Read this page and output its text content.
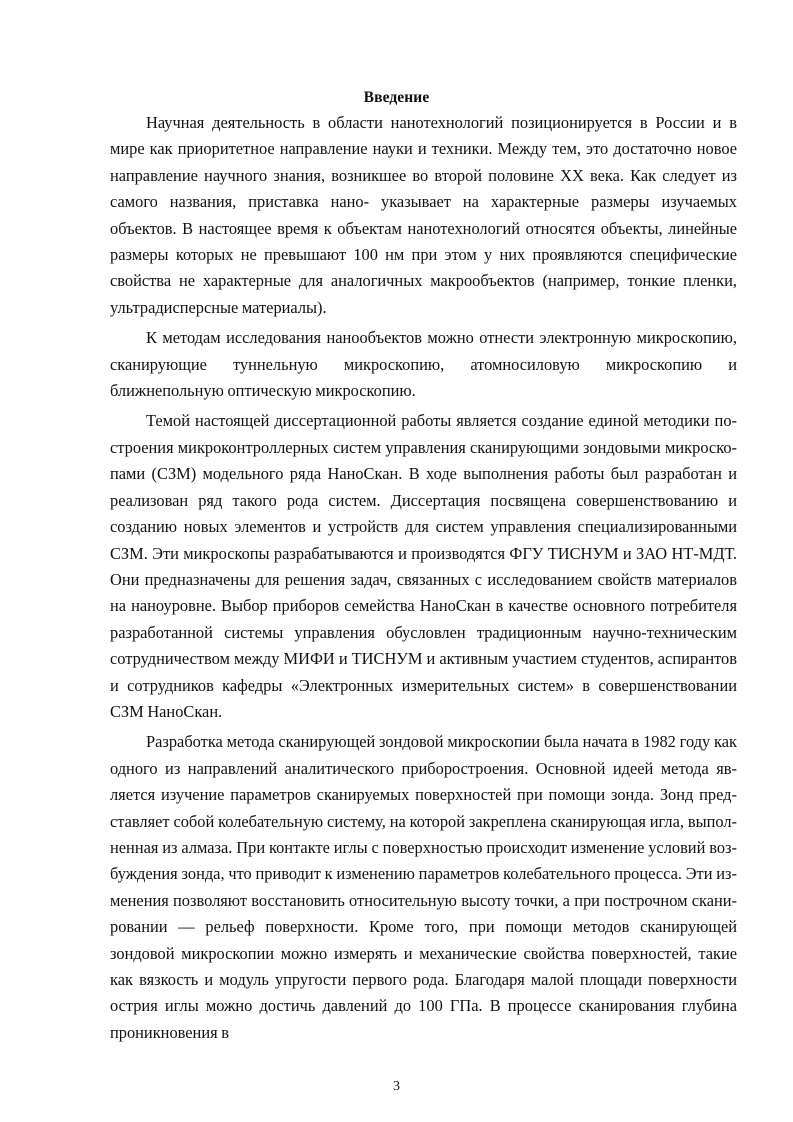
Введение

Научная деятельность в области нанотехнологий позиционируется в России и в мире как приоритетное направление науки и техники. Между тем, это достаточно новое направление научного знания, возникшее во второй половине XX века. Как следует из самого названия, приставка нано- указывает на характерные размеры изучаемых объектов. В настоящее время к объектам нанотехнологий относятся объекты, линейные размеры которых не превышают 100 нм при этом у них проявляются специфические свойства не характерные для аналогичных макрообъектов (например, тонкие пленки, ультрадисперсные материалы).

К методам исследования нанообъектов можно отнести электронную микроскопию, сканирующие туннельную микроскопию, атомносиловую микроскопию и ближнепольную оптическую микроскопию.

Темой настоящей диссертационной работы является создание единой методики построения микроконтроллерных систем управления сканирующими зондовыми микроскопами (СЗМ) модельного ряда НаноСкан. В ходе выполнения работы был разработан и реализован ряд такого рода систем. Диссертация посвящена совершенствованию и созданию новых элементов и устройств для систем управления специализированными СЗМ. Эти микроскопы разрабатываются и производятся ФГУ ТИСНУМ и ЗАО НТ-МДТ. Они предназначены для решения задач, связанных с исследованием свойств материалов на наноуровне. Выбор приборов семейства НаноСкан в качестве основного потребителя разработанной системы управления обусловлен традиционным научно-техническим сотрудничеством между МИФИ и ТИСНУМ и активным участием студентов, аспирантов и сотрудников кафедры «Электронных измерительных систем» в совершенствовании СЗМ НаноСкан.

Разработка метода сканирующей зондовой микроскопии была начата в 1982 году как одного из направлений аналитического приборостроения. Основной идеей метода является изучение параметров сканируемых поверхностей при помощи зонда. Зонд представляет собой колебательную систему, на которой закреплена сканирующая игла, выполненная из алмаза. При контакте иглы с поверхностью происходит изменение условий возбуждения зонда, что приводит к изменению параметров колебательного процесса. Эти изменения позволяют восстановить относительную высоту точки, а при построчном сканировании — рельеф поверхности. Кроме того, при помощи методов сканирующей зондовой микроскопии можно измерять и механические свойства поверхностей, такие как вязкость и модуль упругости первого рода. Благодаря малой площади поверхности острия иглы можно достичь давлений до 100 ГПа. В процессе сканирования глубина проникновения в

3
